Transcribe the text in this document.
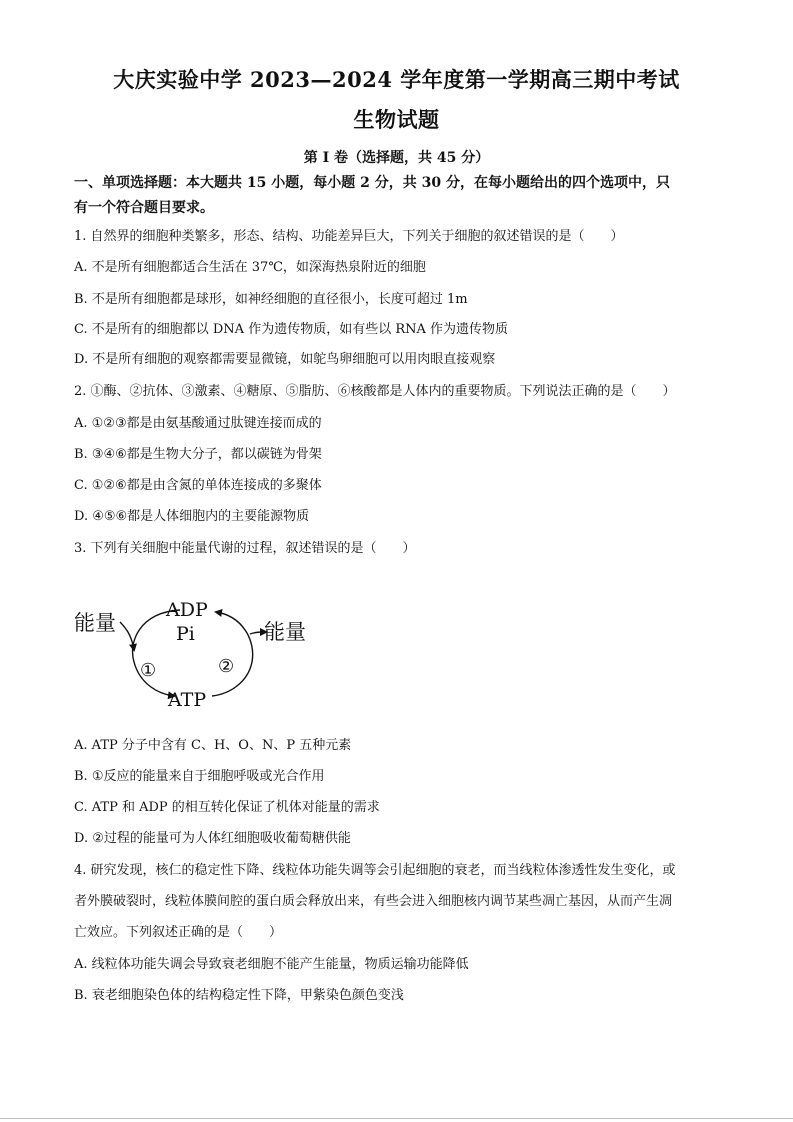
大庆实验中学 2023—2024 学年度第一学期高三期中考试
生物试题
第 I 卷（选择题，共 45 分）
一、单项选择题：本大题共 15 小题，每小题 2 分，共 30 分，在每小题给出的四个选项中，只
有一个符合题目要求。
1. 自然界的细胞种类繁多，形态、结构、功能差异巨大，下列关于细胞的叙述错误的是（　　）
A. 不是所有细胞都适合生活在 37℃，如深海热泉附近的细胞
B. 不是所有细胞都是球形，如神经细胞的直径很小，长度可超过 1m
C. 不是所有的细胞都以 DNA 作为遗传物质，如有些以 RNA 作为遗传物质
D. 不是所有细胞的观察都需要显微镜，如鸵鸟卵细胞可以用肉眼直接观察
2. ①酶、②抗体、③激素、④糖原、⑤脂肪、⑥核酸都是人体内的重要物质。下列说法正确的是（　　）
A. ①②③都是由氨基酸通过肽键连接而成的
B. ③④⑥都是生物大分子，都以碳链为骨架
C. ①②⑥都是由含氮的单体连接成的多聚体
D. ④⑤⑥都是人体细胞内的主要能源物质
3. 下列有关细胞中能量代谢的过程，叙述错误的是（　　）
能量
ADP
Pi	能量
①	②
ATP
A. ATP 分子中含有 C、H、O、N、P 五种元素
B. ①反应的能量来自于细胞呼吸或光合作用
C. ATP 和 ADP 的相互转化保证了机体对能量的需求
D. ②过程的能量可为人体红细胞吸收葡萄糖供能
4. 研究发现，核仁的稳定性下降、线粒体功能失调等会引起细胞的衰老，而当线粒体渗透性发生变化，或
者外膜破裂时，线粒体膜间腔的蛋白质会释放出来，有些会进入细胞核内调节某些凋亡基因，从而产生凋
亡效应。下列叙述正确的是（　　）
A. 线粒体功能失调会导致衰老细胞不能产生能量，物质运输功能降低
B. 衰老细胞染色体的结构稳定性下降，甲紫染色颜色变浅
